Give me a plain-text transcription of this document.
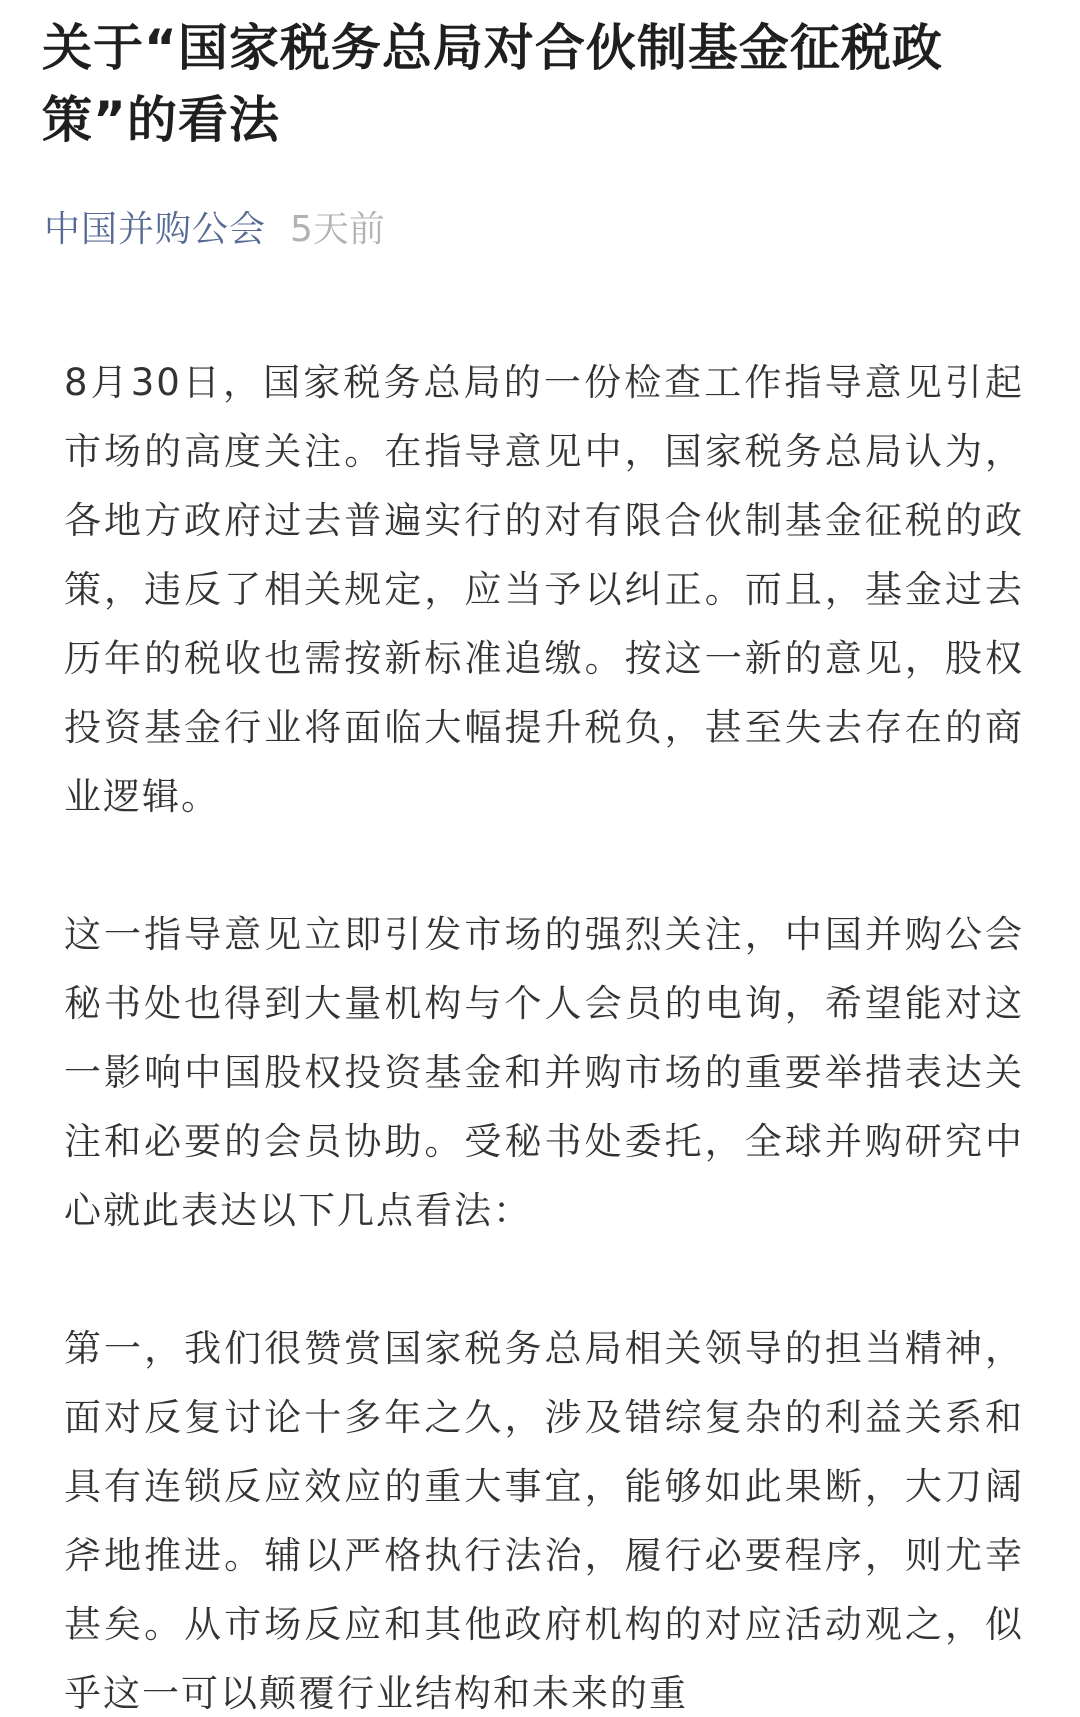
关于“国家税务总局对合伙制基金征税政策”的看法
中国并购公会 5天前

8月30日，国家税务总局的一份检查工作指导意见引起市场的高度关注。在指导意见中，国家税务总局认为，各地方政府过去普遍实行的对有限合伙制基金征税的政策，违反了相关规定，应当予以纠正。而且，基金过去历年的税收也需按新标准追缴。按这一新的意见，股权投资基金行业将面临大幅提升税负，甚至失去存在的商业逻辑。

这一指导意见立即引发市场的强烈关注，中国并购公会秘书处也得到大量机构与个人会员的电询，希望能对这一影响中国股权投资基金和并购市场的重要举措表达关注和必要的会员协助。受秘书处委托，全球并购研究中心就此表达以下几点看法：

第一，我们很赞赏国家税务总局相关领导的担当精神，面对反复讨论十多年之久，涉及错综复杂的利益关系和具有连锁反应效应的重大事宜，能够如此果断，大刀阔斧地推进。辅以严格执行法治，履行必要程序，则尤幸甚矣。从市场反应和其他政府机构的对应活动观之，似乎这一可以颠覆行业结构和未来的重
